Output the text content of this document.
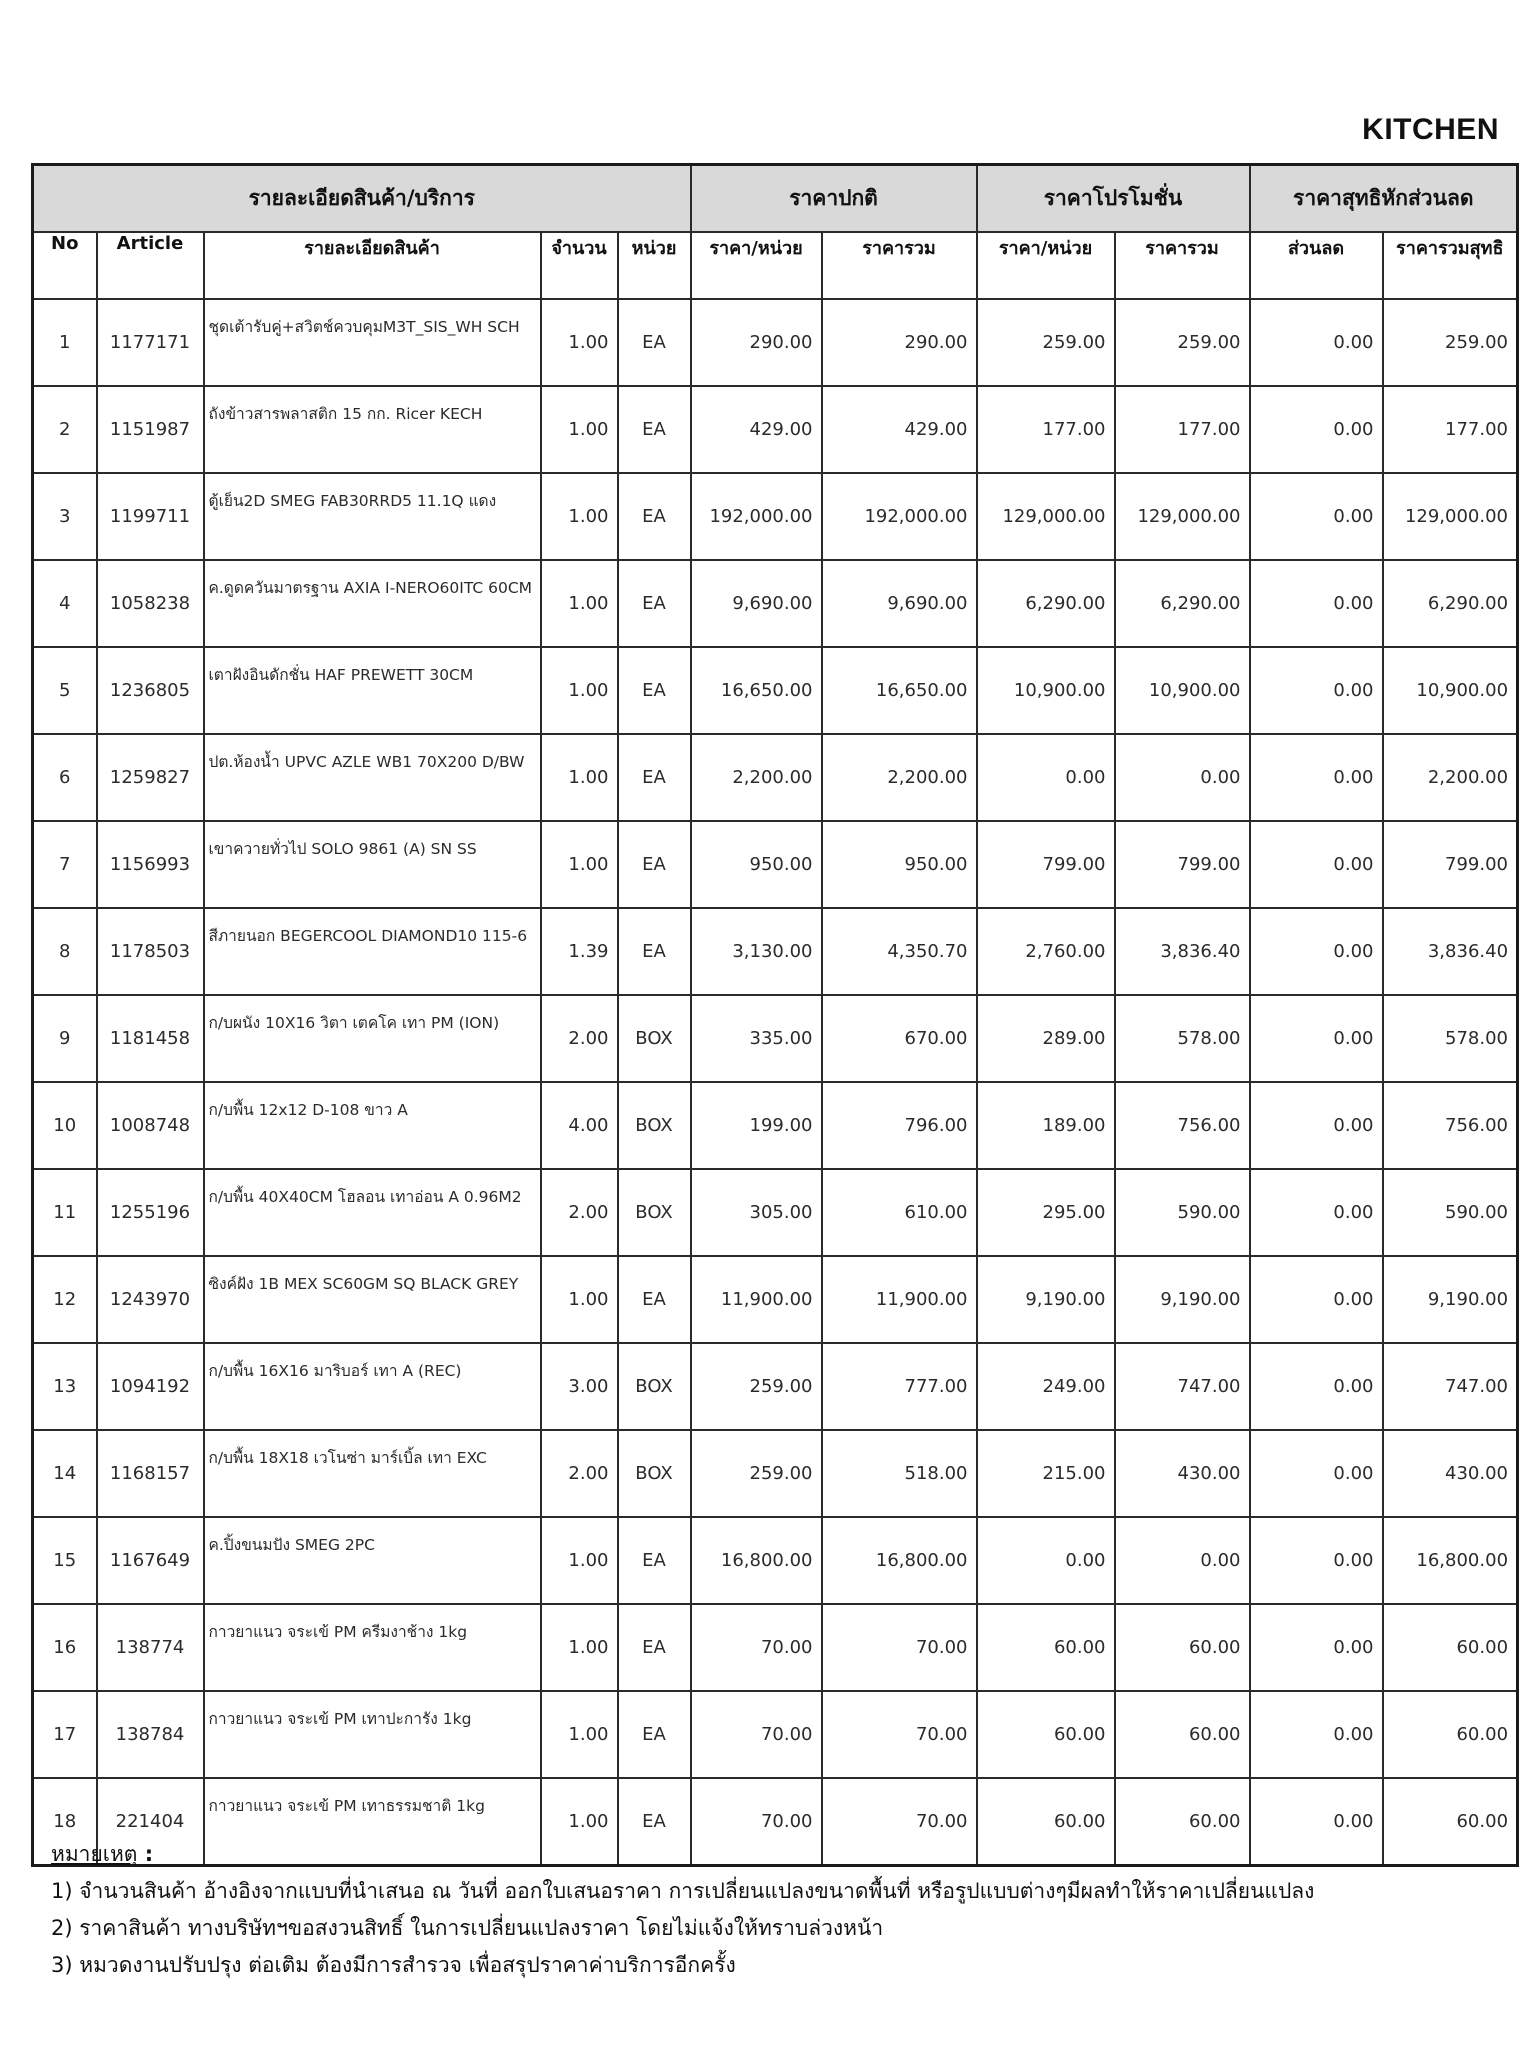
KITCHEN
รายละเอียดสินค้า/บริการ					ราคาปกติ		ราคาโปรโมชั่น		ราคาสุทธิหักส่วนลด	
No	Article	รายละเอียดสินค้า	จำนวน	หน่วย	ราคา/หน่วย	ราคารวม	ราคา/หน่วย	ราคารวม	ส่วนลด	ราคารวมสุทธิ
1	1177171	ชุดเต้ารับคู่+สวิตช์ควบคุมM3T_SIS_WH SCH	1.00	EA	290.00	290.00	259.00	259.00	0.00	259.00
2	1151987	ถังข้าวสารพลาสติก 15 กก. Ricer KECH	1.00	EA	429.00	429.00	177.00	177.00	0.00	177.00
3	1199711	ตู้เย็น2D SMEG FAB30RRD5 11.1Q แดง	1.00	EA	192,000.00	192,000.00	129,000.00	129,000.00	0.00	129,000.00
4	1058238	ค.ดูดควันมาตรฐาน AXIA I-NERO60ITC 60CM	1.00	EA	9,690.00	9,690.00	6,290.00	6,290.00	0.00	6,290.00
5	1236805	เตาฝังอินดักชั่น HAF PREWETT 30CM	1.00	EA	16,650.00	16,650.00	10,900.00	10,900.00	0.00	10,900.00
6	1259827	ปต.ห้องน้ำ UPVC AZLE WB1 70X200 D/BW	1.00	EA	2,200.00	2,200.00	0.00	0.00	0.00	2,200.00
7	1156993	เขาควายทั่วไป SOLO 9861 (A) SN SS	1.00	EA	950.00	950.00	799.00	799.00	0.00	799.00
8	1178503	สีภายนอก BEGERCOOL DIAMOND10 115-6	1.39	EA	3,130.00	4,350.70	2,760.00	3,836.40	0.00	3,836.40
9	1181458	ก/บผนัง 10X16 วิตา เตคโค เทา PM (ION)	2.00	BOX	335.00	670.00	289.00	578.00	0.00	578.00
10	1008748	ก/บพื้น 12x12 D-108 ขาว A	4.00	BOX	199.00	796.00	189.00	756.00	0.00	756.00
11	1255196	ก/บพื้น 40X40CM โฮลอน เทาอ่อน A 0.96M2	2.00	BOX	305.00	610.00	295.00	590.00	0.00	590.00
12	1243970	ซิงค์ฝัง 1B MEX SC60GM SQ BLACK GREY	1.00	EA	11,900.00	11,900.00	9,190.00	9,190.00	0.00	9,190.00
13	1094192	ก/บพื้น 16X16 มาริบอร์ เทา A (REC)	3.00	BOX	259.00	777.00	249.00	747.00	0.00	747.00
14	1168157	ก/บพื้น 18X18 เวโนซ่า มาร์เบิ้ล เทา EXC	2.00	BOX	259.00	518.00	215.00	430.00	0.00	430.00
15	1167649	ค.ปิ้งขนมปัง SMEG 2PC	1.00	EA	16,800.00	16,800.00	0.00	0.00	0.00	16,800.00
16	138774	กาวยาแนว จระเข้ PM ครีมงาช้าง 1kg	1.00	EA	70.00	70.00	60.00	60.00	0.00	60.00
17	138784	กาวยาแนว จระเข้ PM เทาปะการัง 1kg	1.00	EA	70.00	70.00	60.00	60.00	0.00	60.00
18	221404	กาวยาแนว จระเข้ PM เทาธรรมชาติ 1kg	1.00	EA	70.00	70.00	60.00	60.00	0.00	60.00
หมายเหตุ :
1) จำนวนสินค้า อ้างอิงจากแบบที่นำเสนอ ณ วันที่ ออกใบเสนอราคา การเปลี่ยนแปลงขนาดพื้นที่ หรือรูปแบบต่างๆมีผลทำให้ราคาเปลี่ยนแปลง
2) ราคาสินค้า ทางบริษัทฯขอสงวนสิทธิ์ ในการเปลี่ยนแปลงราคา โดยไม่แจ้งให้ทราบล่วงหน้า
3) หมวดงานปรับปรุง ต่อเติม ต้องมีการสำรวจ เพื่อสรุปราคาค่าบริการอีกครั้ง
